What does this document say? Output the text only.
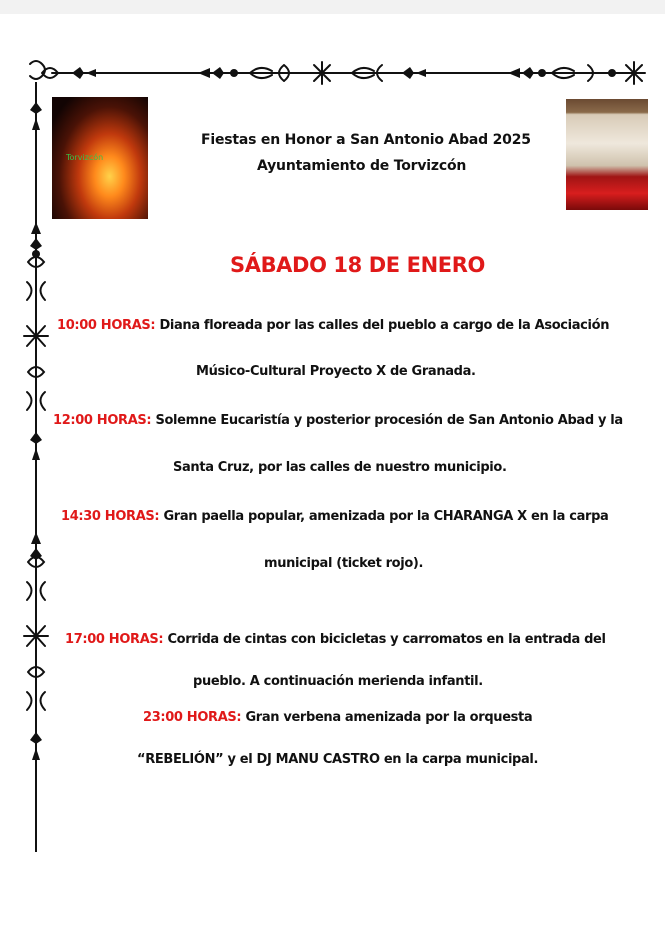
Torvizcón
Fiestas en Honor a San Antonio Abad 2025
Ayuntamiento de Torvizcón
SÁBADO 18 DE ENERO
10:00 HORAS: Diana floreada por las calles del pueblo a cargo de la Asociación
Músico-Cultural Proyecto X de Granada.
12:00 HORAS: Solemne Eucaristía y posterior procesión de San Antonio Abad y la
Santa Cruz, por las calles de nuestro municipio.
14:30 HORAS: Gran paella popular, amenizada por la CHARANGA X en la carpa
municipal (ticket rojo).
17:00 HORAS: Corrida de cintas con bicicletas y carromatos en la entrada del
pueblo. A continuación merienda infantil.
23:00 HORAS: Gran verbena amenizada por la orquesta
“REBELIÓN” y el DJ MANU CASTRO en la carpa municipal.
